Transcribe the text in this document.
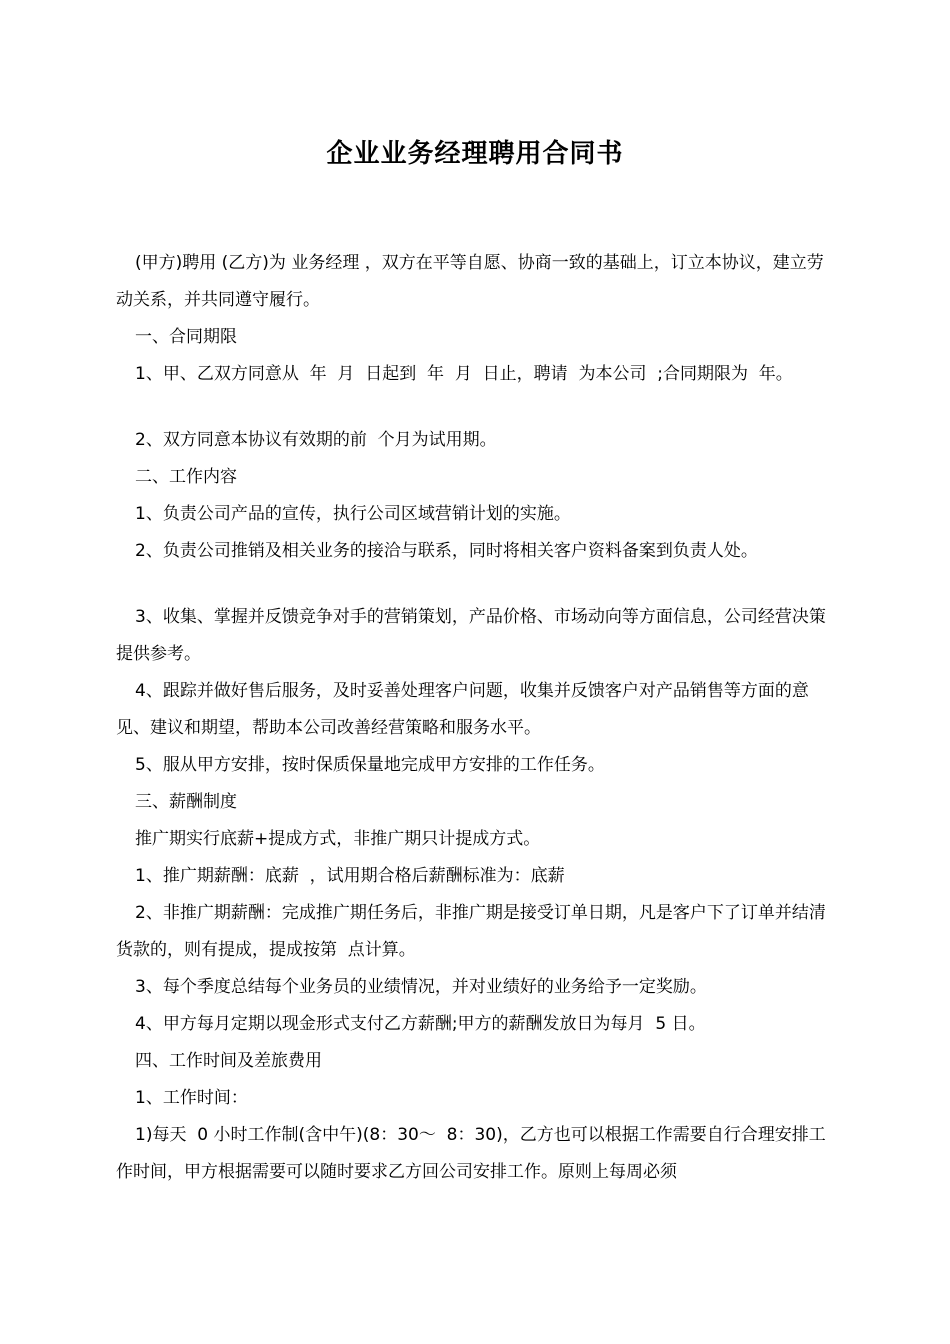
企业业务经理聘用合同书

(甲方)聘用 (乙方)为 业务经理 ，双方在平等自愿、协商一致的基础上，订立本协议，建立劳动关系，并共同遵守履行。

一、合同期限

1、甲、乙双方同意从  年  月  日起到  年  月  日止，聘请  为本公司  ;合同期限为  年。

2、双方同意本协议有效期的前  个月为试用期。

二、工作内容

1、负责公司产品的宣传，执行公司区域营销计划的实施。

2、负责公司推销及相关业务的接洽与联系，同时将相关客户资料备案到负责人处。

3、收集、掌握并反馈竞争对手的营销策划，产品价格、市场动向等方面信息，公司经营决策提供参考。

4、跟踪并做好售后服务，及时妥善处理客户问题，收集并反馈客户对产品销售等方面的意见、建议和期望，帮助本公司改善经营策略和服务水平。

5、服从甲方安排，按时保质保量地完成甲方安排的工作任务。

三、薪酬制度

推广期实行底薪+提成方式，非推广期只计提成方式。

1、推广期薪酬：底薪  ，试用期合格后薪酬标准为：底薪

2、非推广期薪酬：完成推广期任务后，非推广期是接受订单日期，凡是客户下了订单并结清货款的，则有提成，提成按第  点计算。

3、每个季度总结每个业务员的业绩情况，并对业绩好的业务给予一定奖励。

4、甲方每月定期以现金形式支付乙方薪酬;甲方的薪酬发放日为每月  5 日。

四、工作时间及差旅费用

1、工作时间：

1)每天  0 小时工作制(含中午)(8：30～  8：30)，乙方也可以根据工作需要自行合理安排工作时间，甲方根据需要可以随时要求乙方回公司安排工作。原则上每周必须
